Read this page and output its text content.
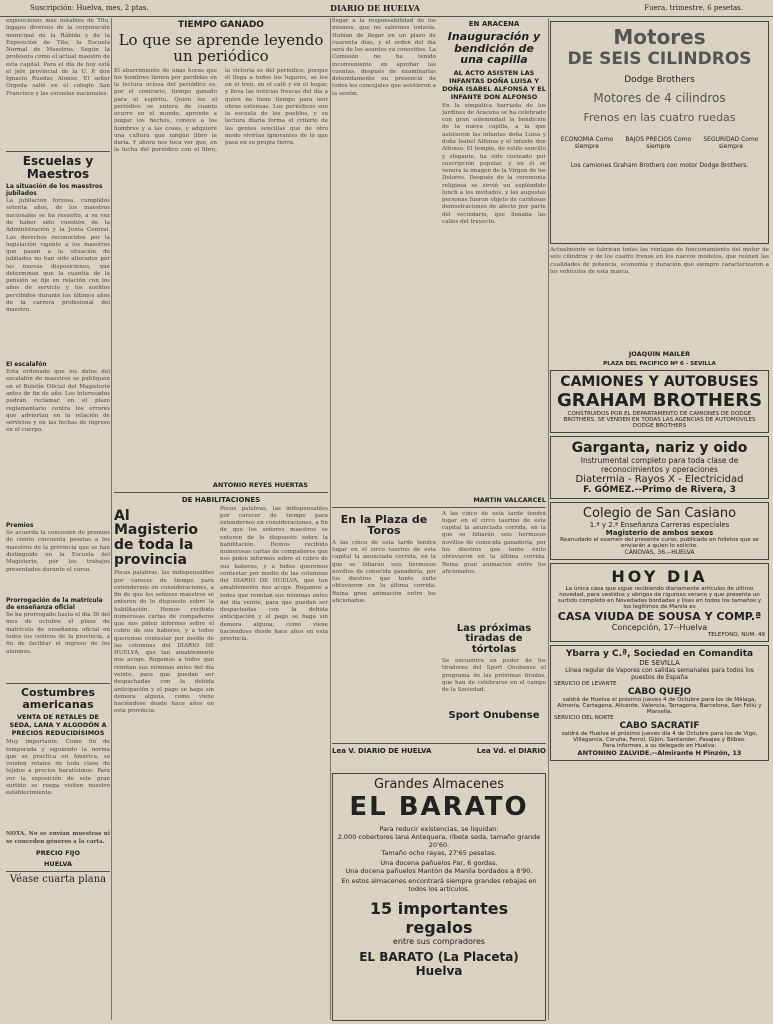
Suscripción: Huelva, mes, 2 ptas.	DIARIO DE HUELVA	Fuera, trimestre, 6 pesetas.

exposiciones más notables de Tito, legajos diversos de la corporación municipal de la Rábida y de la Exposición de Tito, la Escuela Normal de Maestros. Según la profesora como el actual maestro de esta capital. Para el día de hoy está el jefe provincial de la U. P. don Ignacio Ruedas Alonso. El señor Orgeda salió en el colegio San Francisco y las escuelas nacionales.

Escuelas y Maestros
La situación de los maestros jubilados

La jubilación forzosa, cumplidos setenta años, de los maestros nacionales se ha resuelto, a su vez de haber sido cuestión de la Administración y la Junta Central. Los derechos reconocidos por la legislación vigente a los maestros que pasan a la situación de jubilados no han sido alterados por las nuevas disposiciones, que determinan que la cuantía de la pensión se fije en relación con los años de servicio y los sueldos percibidos durante los últimos años de la carrera profesional del maestro.

El escalafón

Está ordenado que los datos del escalafón de maestros se publiquen en el Boletín Oficial del Magisterio antes de fin de año. Los interesados podrán reclamar en el plazo reglamentario contra los errores que adviertan en la relación de servicios y en las fechas de ingreso en el cuerpo.

Premios

Se acuerda la concesión de premios de ciento cincuenta pesetas a los maestros de la provincia que se han distinguido en la Escuela del Magisterio, por los trabajos presentados durante el curso.

Prorrogación de la matrícula de enseñanza oficial

Se ha prorrogado hasta el día 30 del mes de octubre el plazo de matrícula de enseñanza oficial en todos los centros de la provincia, a fin de facilitar el ingreso de los alumnos.

Costumbres americanas
VENTA DE RETALES DE SEDA, LANA Y ALGODÓN A PRECIOS REDUCIDÍSIMOS

Muy importante. Como fin de temporada y siguiendo la norma que se practica en América, se venden retales de toda clase de tejidos a precios baratísimos. Para ver la exposición de este gran surtido se ruega visiten nuestro establecimiento.

NOTA. No se envían muestras ni se conceden géneros a la carta.
PRECIO FIJO
HUELVA
Véase cuarta plana
TIEMPO GANADO
Lo que se aprende leyendo un periódico

El aburrimiento de unas horas que los hombres tienen por perdidas en la lectura ociosa del periódico es, por el contrario, tiempo ganado para el espíritu. Quien lee el periódico se entera de cuanto ocurre en el mundo, aprende a juzgar los hechos, conoce a los hombres y a las cosas, y adquiere una cultura que ningún libro le daría. Y ahora nos toca ver que, en la lucha del periódico con el libro, la victoria es del periódico, porque él llega a todos los lugares, se lee en el tren, en el café y en el hogar, y lleva las noticias frescas del día a quien no tiene tiempo para leer obras extensas. Los periódicos son la escuela de los pueblos, y su lectura diaria forma el criterio de las gentes sencillas que de otro modo vivirían ignorantes de lo que pasa en su propia tierra.

ANTONIO REYES HUERTAS
DE HABILITACIONES
Al Magisterio de toda la provincia

Pocas palabras, las indispensables por carecer de tiempo para extendernos en consideraciones, a fin de que los señores maestros se enteren de lo dispuesto sobre la habilitación. Hemos recibido numerosas cartas de compañeros que nos piden informes sobre el cobro de sus haberes, y a todos queremos contestar por medio de las columnas del DIARIO DE HUELVA, que tan amablemente nos acoge. Rogamos a todos que remitan sus nóminas antes del día veinte, para que puedan ser despachadas con la debida anticipación y el pago se haga sin demora alguna, como viene haciéndose desde hace años en esta provincia.

Pocas palabras, las indispensables por carecer de tiempo para extendernos en consideraciones, a fin de que los señores maestros se enteren de lo dispuesto sobre la habilitación. Hemos recibido numerosas cartas de compañeros que nos piden informes sobre el cobro de sus haberes, y a todos queremos contestar por medio de las columnas del DIARIO DE HUELVA, que tan amablemente nos acoge. Rogamos a todos que remitan sus nóminas antes del día veinte, para que puedan ser despachadas con la debida anticipación y el pago se haga sin demora alguna, como viene haciéndose desde hace años en esta provincia.

llegar a la responsabilidad de los mismos, que no sabemos todavía. Habían de llegar en un plazo de cuarenta días, y el orden del día será de los asuntos ya conocidos. La Comisión no ha tenido inconveniente en aprobar las cuentas, después de examinarlas detenidamente en presencia de todos los concejales que asistieron a la sesión.

EN ARACENA
Inauguración y bendición de una capilla
AL ACTO ASISTEN LAS INFANTAS DOÑA LUISA Y DOÑA ISABEL ALFONSA Y EL INFANTE DON ALFONSO

En la simpática barriada de los Jardines de Aracena se ha celebrado con gran solemnidad la bendición de la nueva capilla, a la que asistieron las infantas doña Luisa y doña Isabel Alfonsa y el infante don Alfonso. El templo, de estilo sencillo y elegante, ha sido costeado por suscripción popular, y en él se venera la imagen de la Virgen de los Dolores. Después de la ceremonia religiosa se sirvió un espléndido lunch a los invitados, y las augustas personas fueron objeto de cariñosas demostraciones de afecto por parte del vecindario, que llenaba las calles del trayecto.

MARTIN VALCARCEL
En la Plaza de Toros

A las cinco de esta tarde tendrá lugar en el circo taurino de esta capital la anunciada corrida, en la que se lidiarán seis hermosos novillos de conocida ganadería, por los diestros que tanto éxito obtuvieron en la última corrida. Reina gran animación entre los aficionados.

A las cinco de esta tarde tendrá lugar en el circo taurino de esta capital la anunciada corrida, en la que se lidiarán seis hermosos novillos de conocida ganadería, por los diestros que tanto éxito obtuvieron en la última corrida. Reina gran animación entre los aficionados.

Las próximas tiradas de tórtolas

Se encuentra en poder de los tiradores del Sport Onubense el programa de las próximas tiradas, que han de celebrarse en el campo de la Sociedad.

Sport Onubense
Lea V. DIARIO DE HUELVA	Lea Vd. el DIARIO
Grandes Almacenes
EL BARATO
Para reducir existencias, se liquidan:
2.000 cobertores lana Antequera, ribete seda, tamaño grande 20'60.
Tamaño ocho rayas, 27'65 pesetas.
Una docena pañuelos Par, 6 gordas.
Una docena pañuelos Mantón de Manila bordados a 8'90.
En estos almacenes encontrará siempre grandes rebajas en todos los artículos.
15 importantes regalos
entre sus compradores
EL BARATO (La Placeta) Huelva
Motores
DE SEIS CILINDROS
Dodge Brothers
Motores de 4 cilindros
Frenos en las cuatro ruedas
ECONOMIA Como siempre
BAJOS PRECIOS Como siempre
SEGURIDAD Como siempre
Los camiones Graham Brothers con motor Dodge Brothers.

Actualmente se fabrican todas las ventajas de funcionamiento del motor de seis cilindros y de los cuatro frenos en los nuevos modelos, que reúnen las cualidades de potencia, economía y duración que siempre caracterizaron a los vehículos de esta marca.

JOAQUIN MAILER
PLAZA DEL PACIFICO Nº 6 - SEVILLA
CAMIONES Y AUTOBUSES
GRAHAM BROTHERS
CONSTRUIDOS POR EL DEPARTAMENTO DE CAMIONES DE DODGE BROTHERS. SE VENDEN EN TODAS LAS AGENCIAS DE AUTOMOVILES DODGE BROTHERS
Garganta, nariz y oido
Instrumental completo para toda clase de reconocimientos y operaciones
Diatermia - Rayos X - Electricidad
F. GÓMEZ.--Primo de Rivera, 3
Colegio de San Casiano
1.ª y 2.ª Enseñanza Carreras especiales
Magisterio de ambos sexos
Reanudado el examen del presente curso, publicado en folletos que se enviarán a quien lo solicite.
CÁNOVAS, 36.--HUELVA
HOY DIA
La única casa que sigue recibiendo diariamente artículos de último novedad, para vestidos y abrigos de riguroso verano y que presenta un surtido completo en Novedades bordadas y lisas en todos los tamaños y los legítimos de Manila es
CASA VIUDA DE SOUSA Y COMP.ª
Concepción, 17--Huelva
TELEFONO, NUM. 49
Ybarra y C.ª, Sociedad en Comandita
DE SEVILLA
Línea regular de Vapores con salidas semanales para todos los puestos de España
SERVICIO DE LEVANTE
CABO QUEJO
saldrá de Huelva el próximo jueves 4 de Octubre para los de Málaga, Almería, Cartagena, Alicante, Valencia, Tarragona, Barcelona, San Feliú y Marsella.
SERVICIO DEL NORTE
CABO SACRATIF
saldrá de Huelva el próximo jueves día 4 de Octubre para los de Vigo, Villagarcía, Coruña, Ferrol, Gijón, Santander, Pasajes y Bilbao.
Para informes, a su delegado en Huelva:
ANTONINO ZALVIDE.--Almirante H Pinzón, 13
